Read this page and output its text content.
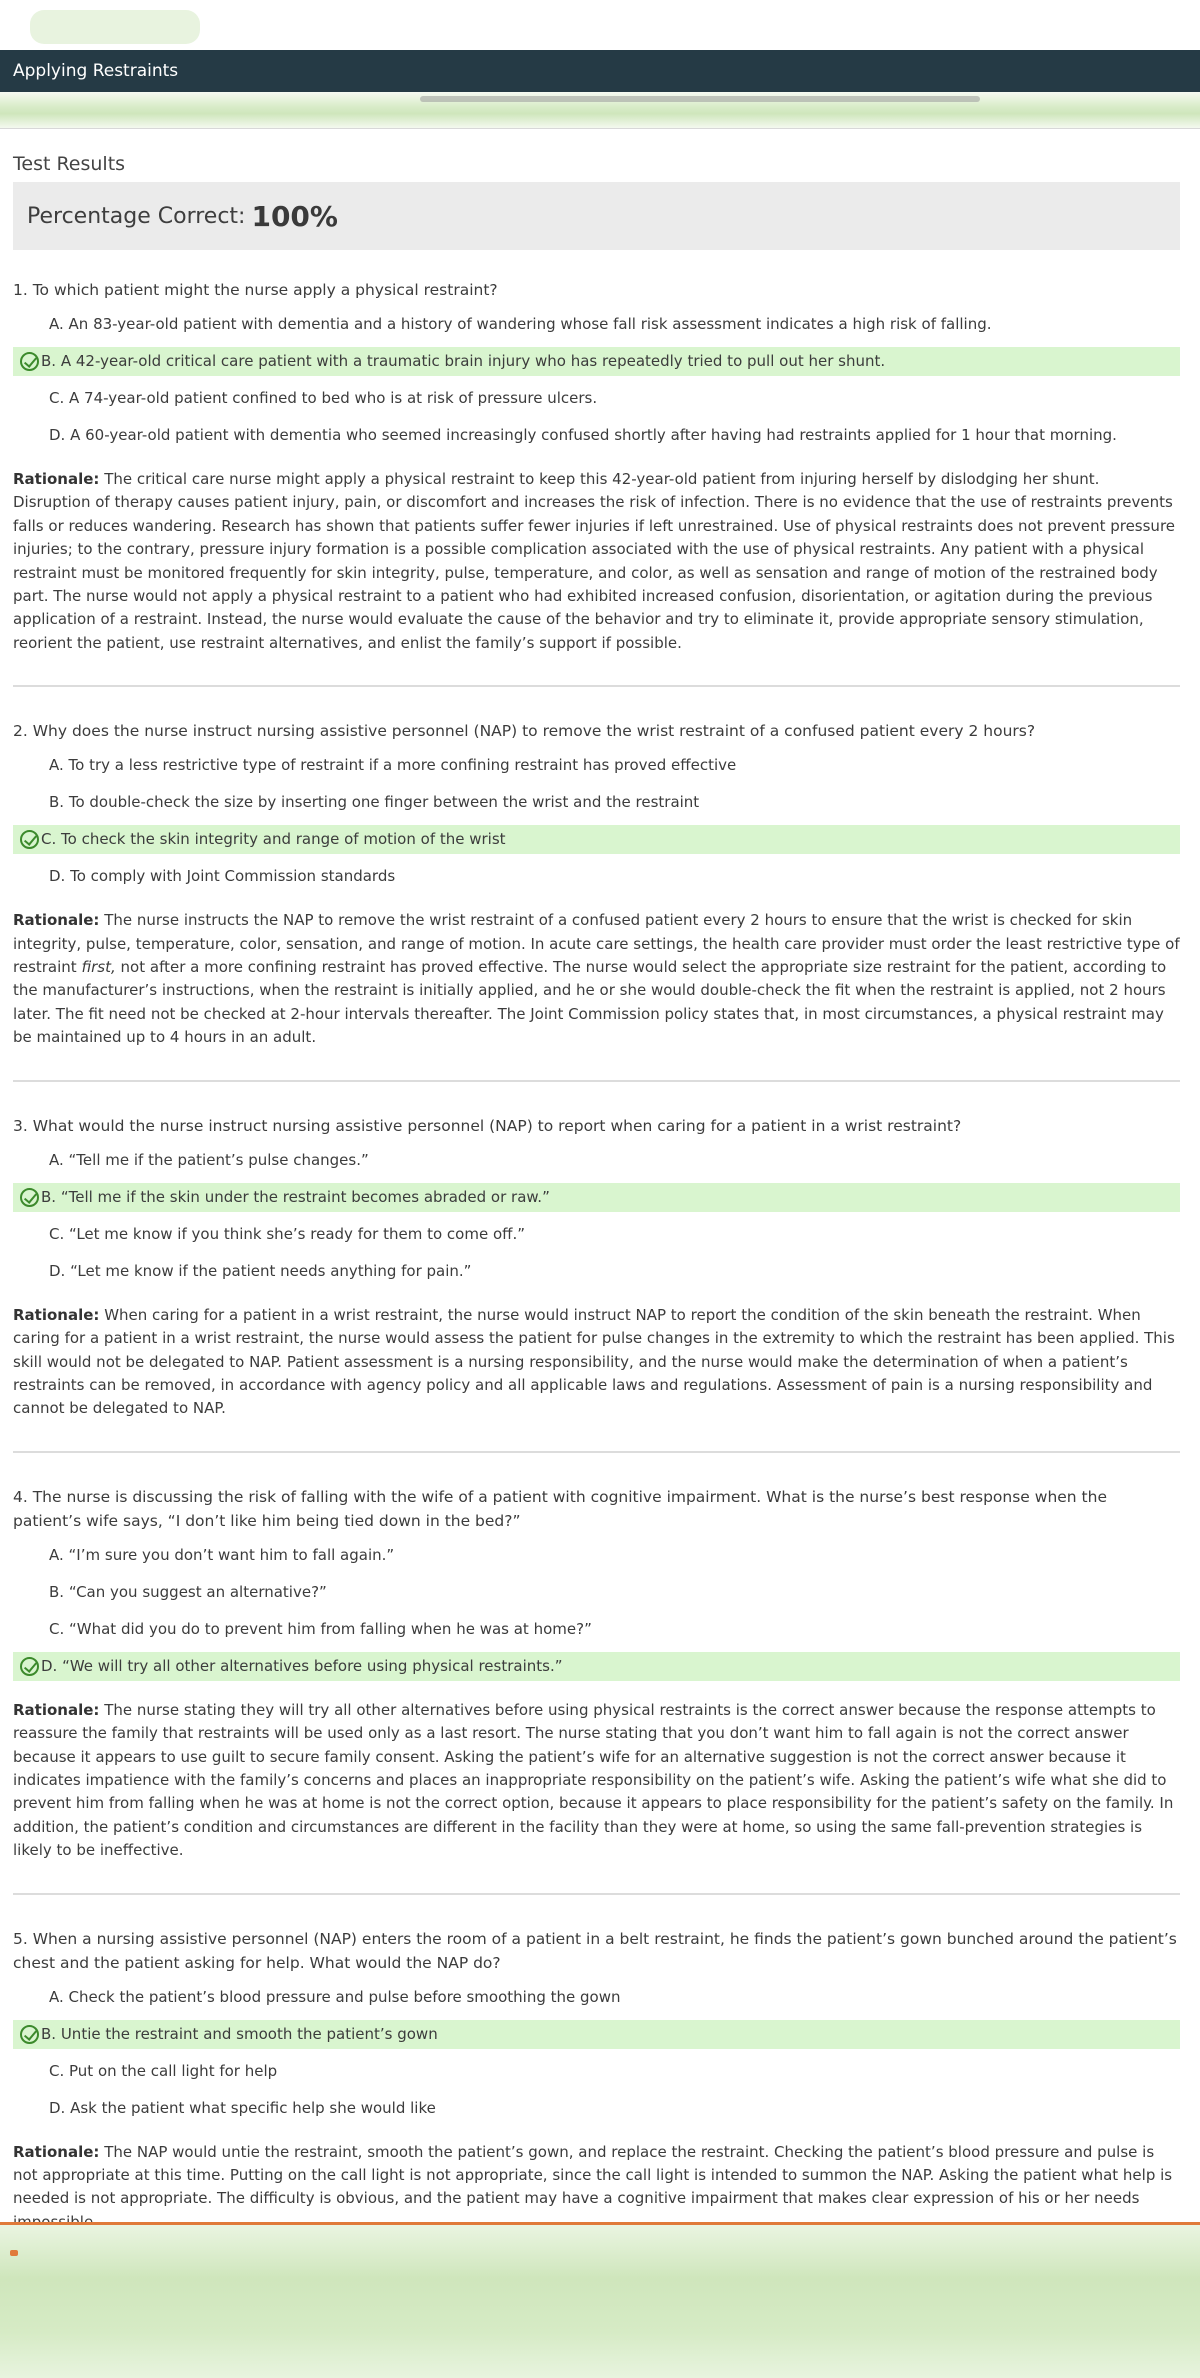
Applying Restraints
Test Results
Percentage Correct: 100%

1. To which patient might the nurse apply a physical restraint?

A. An 83-year-old patient with dementia and a history of wandering whose fall risk assessment indicates a high risk of falling.
B. A 42-year-old critical care patient with a traumatic brain injury who has repeatedly tried to pull out her shunt.
C. A 74-year-old patient confined to bed who is at risk of pressure ulcers.
D. A 60-year-old patient with dementia who seemed increasingly confused shortly after having had restraints applied for 1 hour that morning.

Rationale: The critical care nurse might apply a physical restraint to keep this 42-year-old patient from injuring herself by dislodging her shunt. Disruption of therapy causes patient injury, pain, or discomfort and increases the risk of infection. There is no evidence that the use of restraints prevents falls or reduces wandering. Research has shown that patients suffer fewer injuries if left unrestrained. Use of physical restraints does not prevent pressure injuries; to the contrary, pressure injury formation is a possible complication associated with the use of physical restraints. Any patient with a physical restraint must be monitored frequently for skin integrity, pulse, temperature, and color, as well as sensation and range of motion of the restrained body part. The nurse would not apply a physical restraint to a patient who had exhibited increased confusion, disorientation, or agitation during the previous application of a restraint. Instead, the nurse would evaluate the cause of the behavior and try to eliminate it, provide appropriate sensory stimulation, reorient the patient, use restraint alternatives, and enlist the family’s support if possible.

2. Why does the nurse instruct nursing assistive personnel (NAP) to remove the wrist restraint of a confused patient every 2 hours?

A. To try a less restrictive type of restraint if a more confining restraint has proved effective
B. To double-check the size by inserting one finger between the wrist and the restraint
C. To check the skin integrity and range of motion of the wrist
D. To comply with Joint Commission standards

Rationale: The nurse instructs the NAP to remove the wrist restraint of a confused patient every 2 hours to ensure that the wrist is checked for skin integrity, pulse, temperature, color, sensation, and range of motion. In acute care settings, the health care provider must order the least restrictive type of restraint first, not after a more confining restraint has proved effective. The nurse would select the appropriate size restraint for the patient, according to the manufacturer’s instructions, when the restraint is initially applied, and he or she would double-check the fit when the restraint is applied, not 2 hours later. The fit need not be checked at 2-hour intervals thereafter. The Joint Commission policy states that, in most circumstances, a physical restraint may be maintained up to 4 hours in an adult.

3. What would the nurse instruct nursing assistive personnel (NAP) to report when caring for a patient in a wrist restraint?

A. “Tell me if the patient’s pulse changes.”
B. “Tell me if the skin under the restraint becomes abraded or raw.”
C. “Let me know if you think she’s ready for them to come off.”
D. “Let me know if the patient needs anything for pain.”

Rationale: When caring for a patient in a wrist restraint, the nurse would instruct NAP to report the condition of the skin beneath the restraint. When caring for a patient in a wrist restraint, the nurse would assess the patient for pulse changes in the extremity to which the restraint has been applied. This skill would not be delegated to NAP. Patient assessment is a nursing responsibility, and the nurse would make the determination of when a patient’s restraints can be removed, in accordance with agency policy and all applicable laws and regulations. Assessment of pain is a nursing responsibility and cannot be delegated to NAP.

4. The nurse is discussing the risk of falling with the wife of a patient with cognitive impairment. What is the nurse’s best response when the patient’s wife says, “I don’t like him being tied down in the bed?”

A. “I’m sure you don’t want him to fall again.”
B. “Can you suggest an alternative?”
C. “What did you do to prevent him from falling when he was at home?”
D. “We will try all other alternatives before using physical restraints.”

Rationale: The nurse stating they will try all other alternatives before using physical restraints is the correct answer because the response attempts to reassure the family that restraints will be used only as a last resort. The nurse stating that you don’t want him to fall again is not the correct answer because it appears to use guilt to secure family consent. Asking the patient’s wife for an alternative suggestion is not the correct answer because it indicates impatience with the family’s concerns and places an inappropriate responsibility on the patient’s wife. Asking the patient’s wife what she did to prevent him from falling when he was at home is not the correct option, because it appears to place responsibility for the patient’s safety on the family. In addition, the patient’s condition and circumstances are different in the facility than they were at home, so using the same fall-prevention strategies is likely to be ineffective.

5. When a nursing assistive personnel (NAP) enters the room of a patient in a belt restraint, he finds the patient’s gown bunched around the patient’s chest and the patient asking for help. What would the NAP do?

A. Check the patient’s blood pressure and pulse before smoothing the gown
B. Untie the restraint and smooth the patient’s gown
C. Put on the call light for help
D. Ask the patient what specific help she would like

Rationale: The NAP would untie the restraint, smooth the patient’s gown, and replace the restraint. Checking the patient’s blood pressure and pulse is not appropriate at this time. Putting on the call light is not appropriate, since the call light is intended to summon the NAP. Asking the patient what help is needed is not appropriate. The difficulty is obvious, and the patient may have a cognitive impairment that makes clear expression of his or her needs
